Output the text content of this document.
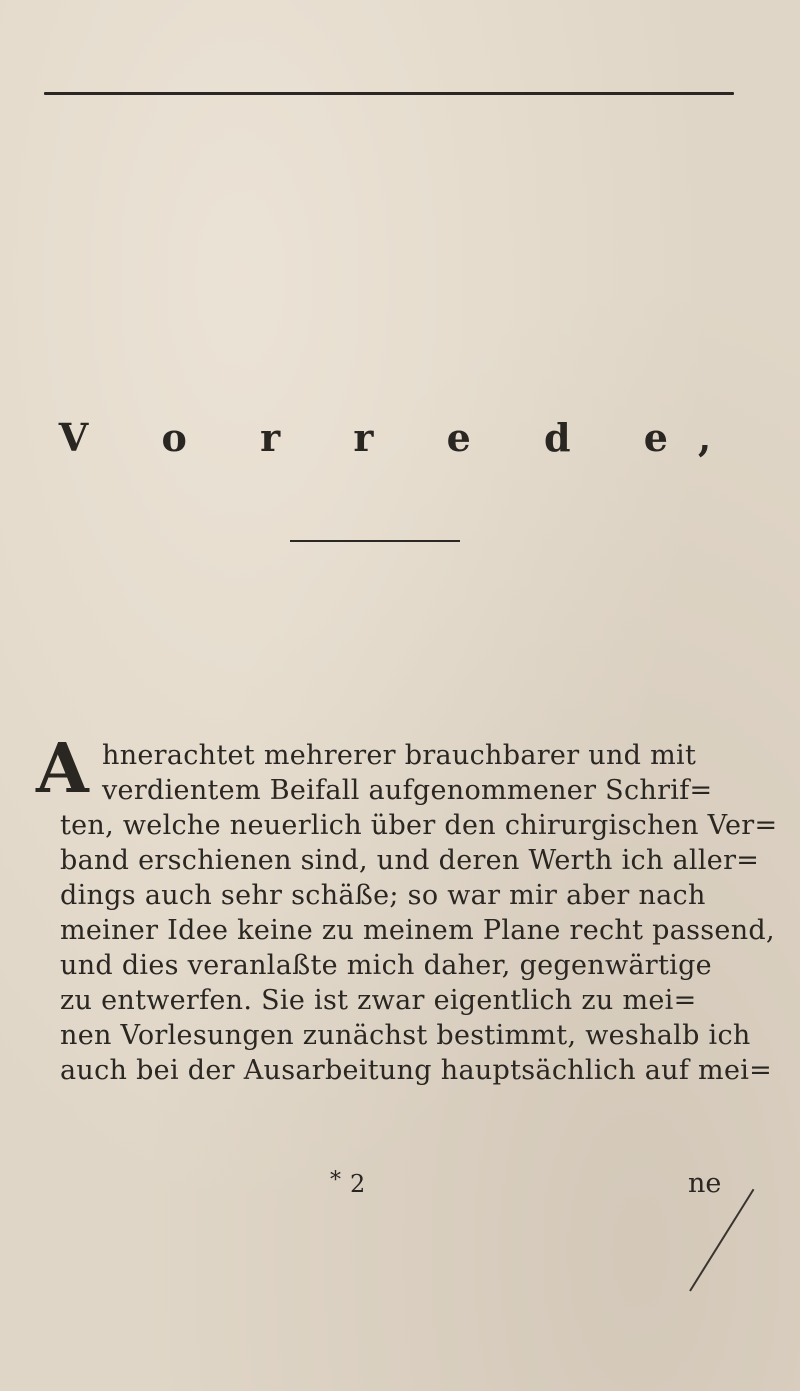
V o r r e d e,
A hnerachtet mehrerer brauchbarer und mit
verdientem Beifall aufgenommener Schrif=
ten, welche neuerlich über den chirurgischen Ver=
band erschienen sind, und deren Werth ich aller=
dings auch sehr schäße; so war mir aber nach
meiner Idee keine zu meinem Plane recht passend,
und dies veranlaßte mich daher, gegenwärtige
zu entwerfen. Sie ist zwar eigentlich zu mei=
nen Vorlesungen zunächst bestimmt, weshalb ich
auch bei der Ausarbeitung hauptsächlich auf mei=
* 2	ne
